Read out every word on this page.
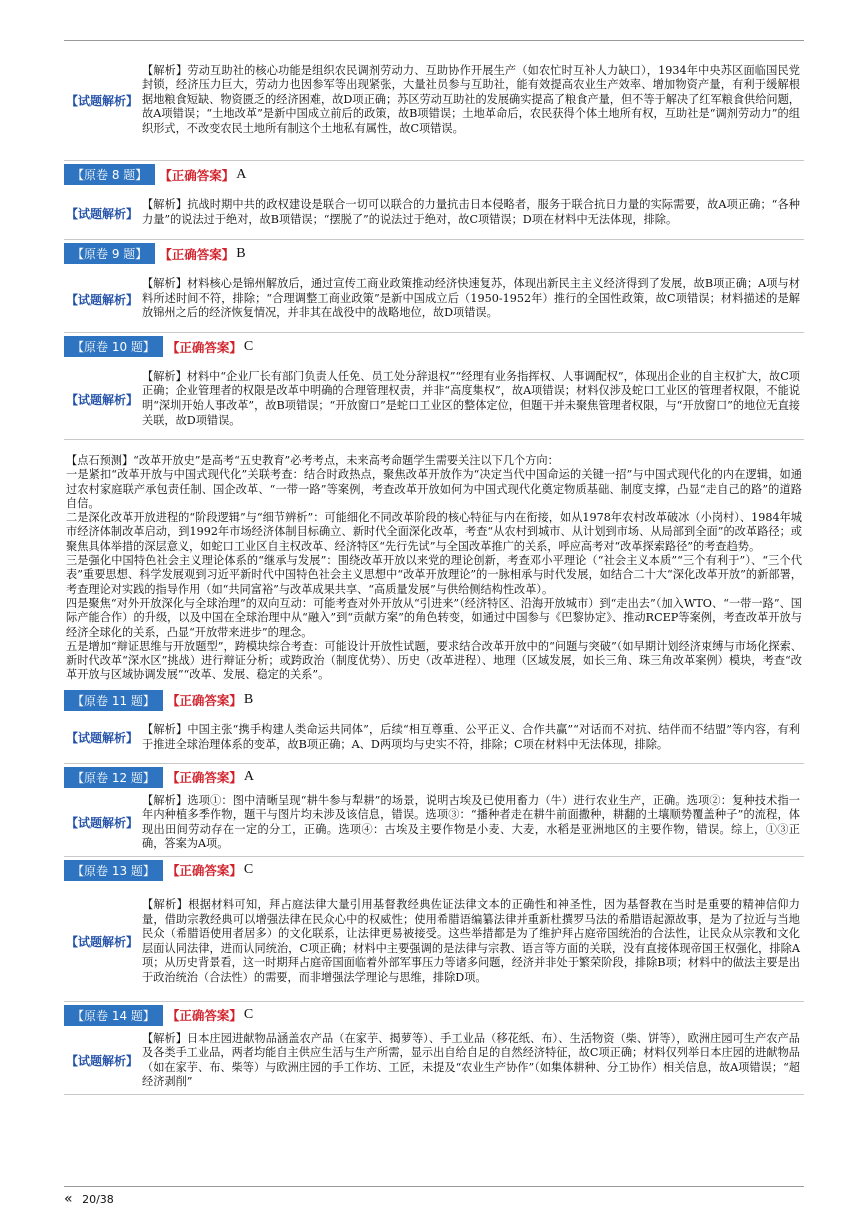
【试题解析】
【解析】劳动互助社的核心功能是组织农民调剂劳动力、互助协作开展生产（如农忙时互补人力缺口），1934年中央苏区面临国民党封锁，经济压力巨大，劳动力也因参军等出现紧张，大量社员参与互助社，能有效提高农业生产效率、增加物资产量，有利于缓解根据地粮食短缺、物资匮乏的经济困难，故D项正确；苏区劳动互助社的发展确实提高了粮食产量，但不等于解决了红军粮食供给问题，故A项错误；“土地改革”是新中国成立前后的政策，故B项错误；土地革命后，农民获得个体土地所有权，互助社是“调剂劳动力”的组织形式，不改变农民土地所有制这个土地私有属性，故C项错误。
【原卷 8 题】 【正确答案】 A
【试题解析】
【解析】抗战时期中共的政权建设是联合一切可以联合的力量抗击日本侵略者，服务于联合抗日力量的实际需要，故A项正确；“各种力量”的说法过于绝对，故B项错误；“摆脱了”的说法过于绝对，故C项错误；D项在材料中无法体现，排除。
【原卷 9 题】 【正确答案】 B
【试题解析】
【解析】材料核心是锦州解放后，通过宣传工商业政策推动经济快速复苏，体现出新民主主义经济得到了发展，故B项正确；A项与材料所述时间不符，排除；“合理调整工商业政策”是新中国成立后（1950-1952年）推行的全国性政策，故C项错误；材料描述的是解放锦州之后的经济恢复情况，并非其在战役中的战略地位，故D项错误。
【原卷 10 题】 【正确答案】 C
【试题解析】
【解析】材料中“企业厂长有部门负责人任免、员工处分辞退权”“经理有业务指挥权、人事调配权”，体现出企业的自主权扩大，故C项正确；企业管理者的权限是改革中明确的合理管理权责，并非“高度集权”，故A项错误；材料仅涉及蛇口工业区的管理者权限，不能说明“深圳开始人事改革”，故B项错误；“开放窗口”是蛇口工业区的整体定位，但题干并未聚焦管理者权限，与“开放窗口”的地位无直接关联，故D项错误。

【点石预测】“改革开放史”是高考“五史教育”必考考点，未来高考命题学生需要关注以下几个方向：

一是紧扣“改革开放与中国式现代化”关联考查：结合时政热点，聚焦改革开放作为“决定当代中国命运的关键一招”与中国式现代化的内在逻辑，如通过农村家庭联产承包责任制、国企改革、“一带一路”等案例，考查改革开放如何为中国式现代化奠定物质基础、制度支撑，凸显“走自己的路”的道路自信。

二是深化改革开放进程的“阶段逻辑”与“细节辨析”：可能细化不同改革阶段的核心特征与内在衔接，如从1978年农村改革破冰（小岗村）、1984年城市经济体制改革启动，到1992年市场经济体制目标确立、新时代全面深化改革，考查“从农村到城市、从计划到市场、从局部到全面”的改革路径；或聚焦具体举措的深层意义，如蛇口工业区自主权改革、经济特区“先行先试”与全国改革推广的关系，呼应高考对“改革探索路径”的考查趋势。

三是强化中国特色社会主义理论体系的“继承与发展”：围绕改革开放以来党的理论创新，考查邓小平理论（“社会主义本质”“三个有利于”）、“三个代表”重要思想、科学发展观到习近平新时代中国特色社会主义思想中“改革开放理论”的一脉相承与时代发展，如结合二十大“深化改革开放”的新部署，考查理论对实践的指导作用（如“共同富裕”与改革成果共享、“高质量发展”与供给侧结构性改革）。

四是聚焦“对外开放深化与全球治理”的双向互动：可能考查对外开放从“引进来”（经济特区、沿海开放城市）到“走出去”（加入WTO、“一带一路”、国际产能合作）的升级，以及中国在全球治理中从“融入”到“贡献方案”的角色转变，如通过中国参与《巴黎协定》、推动RCEP等案例，考查改革开放与经济全球化的关系，凸显“开放带来进步”的理念。

五是增加“辩证思维与开放题型”，跨模块综合考查：可能设计开放性试题，要求结合改革开放中的“问题与突破”（如早期计划经济束缚与市场化探索、新时代改革“深水区”挑战）进行辩证分析；或跨政治（制度优势）、历史（改革进程）、地理（区域发展，如长三角、珠三角改革案例）模块，考查“改革开放与区域协调发展”“改革、发展、稳定的关系”。

【原卷 11 题】 【正确答案】 B
【试题解析】
【解析】中国主张“携手构建人类命运共同体”，后续“相互尊重、公平正义、合作共赢”“对话而不对抗、结伴而不结盟”等内容，有利于推进全球治理体系的变革，故B项正确；A、D两项均与史实不符，排除；C项在材料中无法体现，排除。
【原卷 12 题】 【正确答案】 A
【试题解析】
【解析】选项①：图中清晰呈现“耕牛参与犁耕”的场景，说明古埃及已使用畜力（牛）进行农业生产，正确。选项②：复种技术指一年内种植多季作物，题干与图片均未涉及该信息，错误。选项③：“播种者走在耕牛前面撒种，耕翻的土壤顺势覆盖种子”的流程，体现出田间劳动存在一定的分工，正确。选项④：古埃及主要作物是小麦、大麦，水稻是亚洲地区的主要作物，错误。综上，①③正确，答案为A项。
【原卷 13 题】 【正确答案】 C
【试题解析】
【解析】根据材料可知，拜占庭法律大量引用基督教经典佐证法律文本的正确性和神圣性，因为基督教在当时是重要的精神信仰力量，借助宗教经典可以增强法律在民众心中的权威性；使用希腊语编纂法律并重新杜撰罗马法的希腊语起源故事，是为了拉近与当地民众（希腊语使用者居多）的文化联系，让法律更易被接受。这些举措都是为了维护拜占庭帝国统治的合法性，让民众从宗教和文化层面认同法律，进而认同统治，C项正确；材料中主要强调的是法律与宗教、语言等方面的关联，没有直接体现帝国王权强化，排除A项；从历史背景看，这一时期拜占庭帝国面临着外部军事压力等诸多问题，经济并非处于繁荣阶段，排除B项；材料中的做法主要是出于政治统治（合法性）的需要，而非增强法学理论与思维，排除D项。
【原卷 14 题】 【正确答案】 C
【试题解析】
【解析】日本庄园进献物品涵盖农产品（在家芋、揭萝等）、手工业品（移花纸、布）、生活物资（柴、饼等），欧洲庄园可生产农产品及各类手工业品，两者均能自主供应生活与生产所需，显示出自给自足的自然经济特征，故C项正确；材料仅列举日本庄园的进献物品（如在家芋、布、柴等）与欧洲庄园的手工作坊、工匠，未提及“农业生产协作”（如集体耕种、分工协作）相关信息，故A项错误；“超经济剥削”
« 20/38
